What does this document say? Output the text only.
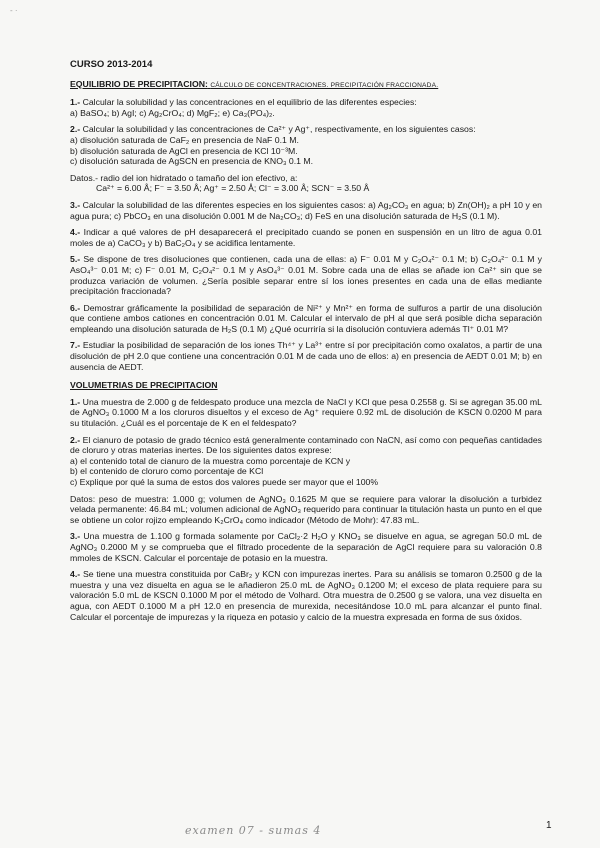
- ·
CURSO 2013-2014
EQUILIBRIO DE PRECIPITACION: CÁLCULO DE CONCENTRACIONES. PRECIPITACIÓN FRACCIONADA.
1.- Calcular la solubilidad y las concentraciones en el equilibrio de las diferentes especies:
a) BaSO₄; b) AgI; c) Ag₂CrO₄; d) MgF₂; e) Ca₃(PO₄)₂.
2.- Calcular la solubilidad y las concentraciones de Ca²⁺ y Ag⁺, respectivamente, en los siguientes casos:
a) disolución saturada de CaF₂ en presencia de NaF 0.1 M.
b) disolución saturada de AgCl en presencia de KCl 10⁻³M.
c) disolución saturada de AgSCN en presencia de KNO₃ 0.1 M.
Datos.- radio del ion hidratado o tamaño del ion efectivo, a:
Ca²⁺ = 6.00 Å; F⁻ = 3.50 Å; Ag⁺ = 2.50 Å; Cl⁻ = 3.00 Å; SCN⁻ = 3.50 Å
3.- Calcular la solubilidad de las diferentes especies en los siguientes casos: a) Ag₂CO₃ en agua; b) Zn(OH)₂ a pH 10 y en agua pura; c) PbCO₃ en una disolución 0.001 M de Na₂CO₃; d) FeS en una disolución saturada de H₂S (0.1 M).
4.- Indicar a qué valores de pH desaparecerá el precipitado cuando se ponen en suspensión en un litro de agua 0.01 moles de a) CaCO₃ y b) BaC₂O₄ y se acidifica lentamente.
5.- Se dispone de tres disoluciones que contienen, cada una de ellas: a) F⁻ 0.01 M y C₂O₄²⁻ 0.1 M; b) C₂O₄²⁻ 0.1 M y AsO₄³⁻ 0.01 M; c) F⁻ 0.01 M, C₂O₄²⁻ 0.1 M y AsO₄³⁻ 0.01 M. Sobre cada una de ellas se añade ion Ca²⁺ sin que se produzca variación de volumen. ¿Sería posible separar entre sí los iones presentes en cada una de ellas mediante precipitación fraccionada?
6.- Demostrar gráficamente la posibilidad de separación de Ni²⁺ y Mn²⁺ en forma de sulfuros a partir de una disolución que contiene ambos cationes en concentración 0.01 M. Calcular el intervalo de pH al que será posible dicha separación empleando una disolución saturada de H₂S (0.1 M) ¿Qué ocurriría si la disolución contuviera además Tl⁺ 0.01 M?
7.- Estudiar la posibilidad de separación de los iones Th⁴⁺ y La³⁺ entre sí por precipitación como oxalatos, a partir de una disolución de pH 2.0 que contiene una concentración 0.01 M de cada uno de ellos: a) en presencia de AEDT 0.01 M; b) en ausencia de AEDT.
VOLUMETRIAS DE PRECIPITACION
1.- Una muestra de 2.000 g de feldespato produce una mezcla de NaCl y KCl que pesa 0.2558 g. Si se agregan 35.00 mL de AgNO₃ 0.1000 M a los cloruros disueltos y el exceso de Ag⁺ requiere 0.92 mL de disolución de KSCN 0.0200 M para su titulación. ¿Cuál es el porcentaje de K en el feldespato?
2.- El cianuro de potasio de grado técnico está generalmente contaminado con NaCN, así como con pequeñas cantidades de cloruro y otras materias inertes. De los siguientes datos exprese:
a) el contenido total de cianuro de la muestra como porcentaje de KCN y
b) el contenido de cloruro como porcentaje de KCl
c) Explique por qué la suma de estos dos valores puede ser mayor que el 100%
Datos: peso de muestra: 1.000 g; volumen de AgNO₃ 0.1625 M que se requiere para valorar la disolución a turbidez velada permanente: 46.84 mL; volumen adicional de AgNO₃ requerido para continuar la titulación hasta un punto en el que se obtiene un color rojizo empleando K₂CrO₄ como indicador (Método de Mohr): 47.83 mL.
3.- Una muestra de 1.100 g formada solamente por CaCl₂·2 H₂O y KNO₃ se disuelve en agua, se agregan 50.0 mL de AgNO₃ 0.2000 M y se comprueba que el filtrado procedente de la separación de AgCl requiere para su valoración 0.8 mmoles de KSCN. Calcular el porcentaje de potasio en la muestra.
4.- Se tiene una muestra constituida por CaBr₂ y KCN con impurezas inertes. Para su análisis se tomaron 0.2500 g de la muestra y una vez disuelta en agua se le añadieron 25.0 mL de AgNO₃ 0.1200 M; el exceso de plata requiere para su valoración 5.0 mL de KSCN 0.1000 M por el método de Volhard. Otra muestra de 0.2500 g se valora, una vez disuelta en agua, con AEDT 0.1000 M a pH 12.0 en presencia de murexida, necesitándose 10.0 mL para alcanzar el punto final. Calcular el porcentaje de impurezas y la riqueza en potasio y calcio de la muestra expresada en forma de sus óxidos.
examen 07 - sumas 4	1
